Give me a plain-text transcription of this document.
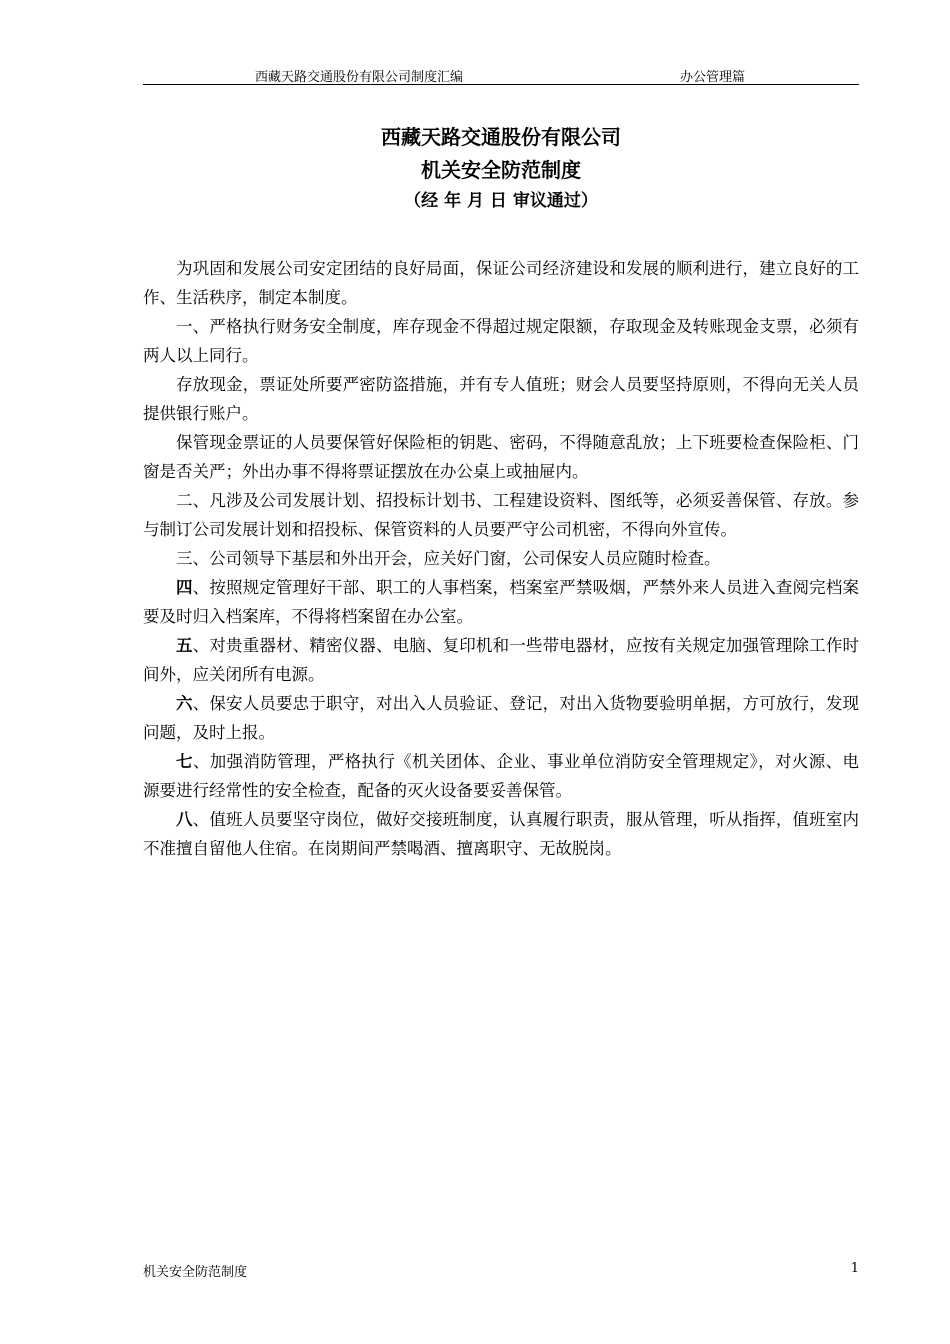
西藏天路交通股份有限公司制度汇编	办公管理篇
西藏天路交通股份有限公司
机关安全防范制度
（经 年 月 日 审议通过）

为巩固和发展公司安定团结的良好局面，保证公司经济建设和发展的顺利进行，建立良好的工作、生活秩序，制定本制度。

一、严格执行财务安全制度，库存现金不得超过规定限额，存取现金及转账现金支票，必须有两人以上同行。

存放现金，票证处所要严密防盗措施，并有专人值班；财会人员要坚持原则，不得向无关人员提供银行账户。

保管现金票证的人员要保管好保险柜的钥匙、密码，不得随意乱放；上下班要检查保险柜、门窗是否关严；外出办事不得将票证摆放在办公桌上或抽屉内。

二、凡涉及公司发展计划、招投标计划书、工程建设资料、图纸等，必须妥善保管、存放。参与制订公司发展计划和招投标、保管资料的人员要严守公司机密，不得向外宣传。

三、公司领导下基层和外出开会，应关好门窗，公司保安人员应随时检查。

四、按照规定管理好干部、职工的人事档案，档案室严禁吸烟，严禁外来人员进入查阅完档案要及时归入档案库，不得将档案留在办公室。

五、对贵重器材、精密仪器、电脑、复印机和一些带电器材，应按有关规定加强管理除工作时间外，应关闭所有电源。

六、保安人员要忠于职守，对出入人员验证、登记，对出入货物要验明单据，方可放行，发现问题，及时上报。

七、加强消防管理，严格执行《机关团体、企业、事业单位消防安全管理规定》，对火源、电源要进行经常性的安全检查，配备的灭火设备要妥善保管。

八、值班人员要坚守岗位，做好交接班制度，认真履行职责，服从管理，听从指挥，值班室内不准擅自留他人住宿。在岗期间严禁喝酒、擅离职守、无故脱岗。

机关安全防范制度	1
